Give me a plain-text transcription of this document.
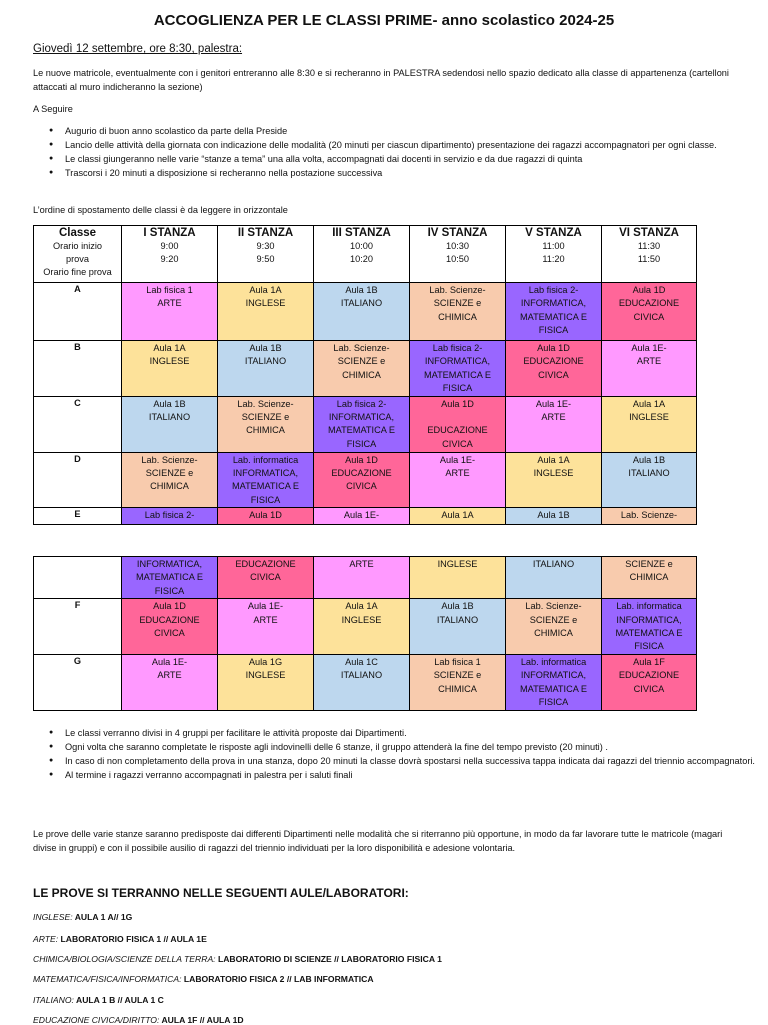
ACCOGLIENZA PER LE CLASSI PRIME- anno scolastico 2024-25
Giovedì 12 settembre, ore 8:30, palestra:
Le nuove matricole, eventualmente con i genitori entreranno alle 8:30 e si recheranno in PALESTRA sedendosi nello spazio dedicato alla classe di appartenenza (cartelloni attaccati al muro indicheranno la sezione)
A Seguire
● Augurio di buon anno scolastico da parte della Preside
● Lancio delle attività della giornata con indicazione delle modalità (20 minuti per ciascun dipartimento) presentazione dei ragazzi accompagnatori per ogni classe.
● Le classi giungeranno nelle varie “stanze a tema” una alla volta, accompagnati dai docenti in servizio e da due ragazzi di quinta
● Trascorsi i 20 minuti a disposizione si recheranno nella postazione successiva
L’ordine di spostamento delle classi è da leggere in orizzontale
Classe
Orario inizio
prova
Orario fine prova	I STANZA
9:00
9:20	II STANZA
9:30
9:50	III STANZA
10:00
10:20	IV STANZA
10:30
10:50	V STANZA
11:00
11:20	VI STANZA
11:30
11:50

A	Lab fisica 1
ARTE	Aula 1A
INGLESE	Aula 1B
ITALIANO	Lab. Scienze-
SCIENZE e
CHIMICA	Lab fisica 2-
INFORMATICA,
MATEMATICA E
FISICA	Aula 1D
EDUCAZIONE
CIVICA
B	Aula 1A
INGLESE	Aula 1B
ITALIANO	Lab. Scienze-
SCIENZE e
CHIMICA	Lab fisica 2-
INFORMATICA,
MATEMATICA E
FISICA	Aula 1D
EDUCAZIONE
CIVICA	Aula 1E-
ARTE
C	Aula 1B
ITALIANO	Lab. Scienze-
SCIENZE e
CHIMICA	Lab fisica 2-
INFORMATICA,
MATEMATICA E
FISICA	Aula 1D

EDUCAZIONE
CIVICA	Aula 1E-
ARTE	Aula 1A
INGLESE
D	Lab. Scienze-
SCIENZE e
CHIMICA	Lab. informatica
INFORMATICA,
MATEMATICA E
FISICA	Aula 1D
EDUCAZIONE
CIVICA	Aula 1E-
ARTE	Aula 1A
INGLESE	Aula 1B
ITALIANO
E	Lab fisica 2-	Aula 1D	Aula 1E-	Aula 1A	Aula 1B	Lab. Scienze-
	INFORMATICA,
MATEMATICA E
FISICA	EDUCAZIONE
CIVICA	ARTE	INGLESE	ITALIANO	SCIENZE e
CHIMICA
F	Aula 1D
EDUCAZIONE
CIVICA	Aula 1E-
ARTE	Aula 1A
INGLESE	Aula 1B
ITALIANO	Lab. Scienze-
SCIENZE e
CHIMICA	Lab. informatica
INFORMATICA,
MATEMATICA E
FISICA
G	Aula 1E-
ARTE	Aula 1G
INGLESE	Aula 1C
ITALIANO	Lab fisica 1
SCIENZE e
CHIMICA	Lab. informatica
INFORMATICA,
MATEMATICA E
FISICA	Aula 1F
EDUCAZIONE
CIVICA
● Le classi verranno divisi in 4 gruppi per facilitare le attività proposte dai Dipartimenti.
● Ogni volta che saranno completate le risposte agli indovinelli delle 6 stanze, il gruppo attenderà la fine del tempo previsto (20 minuti) .
● In caso di non completamento della prova in una stanza, dopo 20 minuti la classe dovrà spostarsi nella successiva tappa indicata dai ragazzi del triennio accompagnatori.
● Al termine i ragazzi verranno accompagnati in palestra per i saluti finali
Le prove delle varie stanze saranno predisposte dai differenti Dipartimenti nelle modalità che si riterranno più opportune, in modo da far lavorare tutte le matricole (magari divise in gruppi) e con il possibile ausilio di ragazzi del triennio individuati per la loro disponibilità e adesione volontaria.
LE PROVE SI TERRANNO NELLE SEGUENTI AULE/LABORATORI:
INGLESE: AULA 1 A// 1G
ARTE: LABORATORIO FISICA 1 // AULA 1E
CHIMICA/BIOLOGIA/SCIENZE DELLA TERRA: LABORATORIO DI SCIENZE // LABORATORIO FISICA 1
MATEMATICA/FISICA/INFORMATICA: LABORATORIO FISICA 2 // LAB INFORMATICA
ITALIANO: AULA 1 B // AULA 1 C
EDUCAZIONE CIVICA/DIRITTO: AULA 1F // AULA 1D
